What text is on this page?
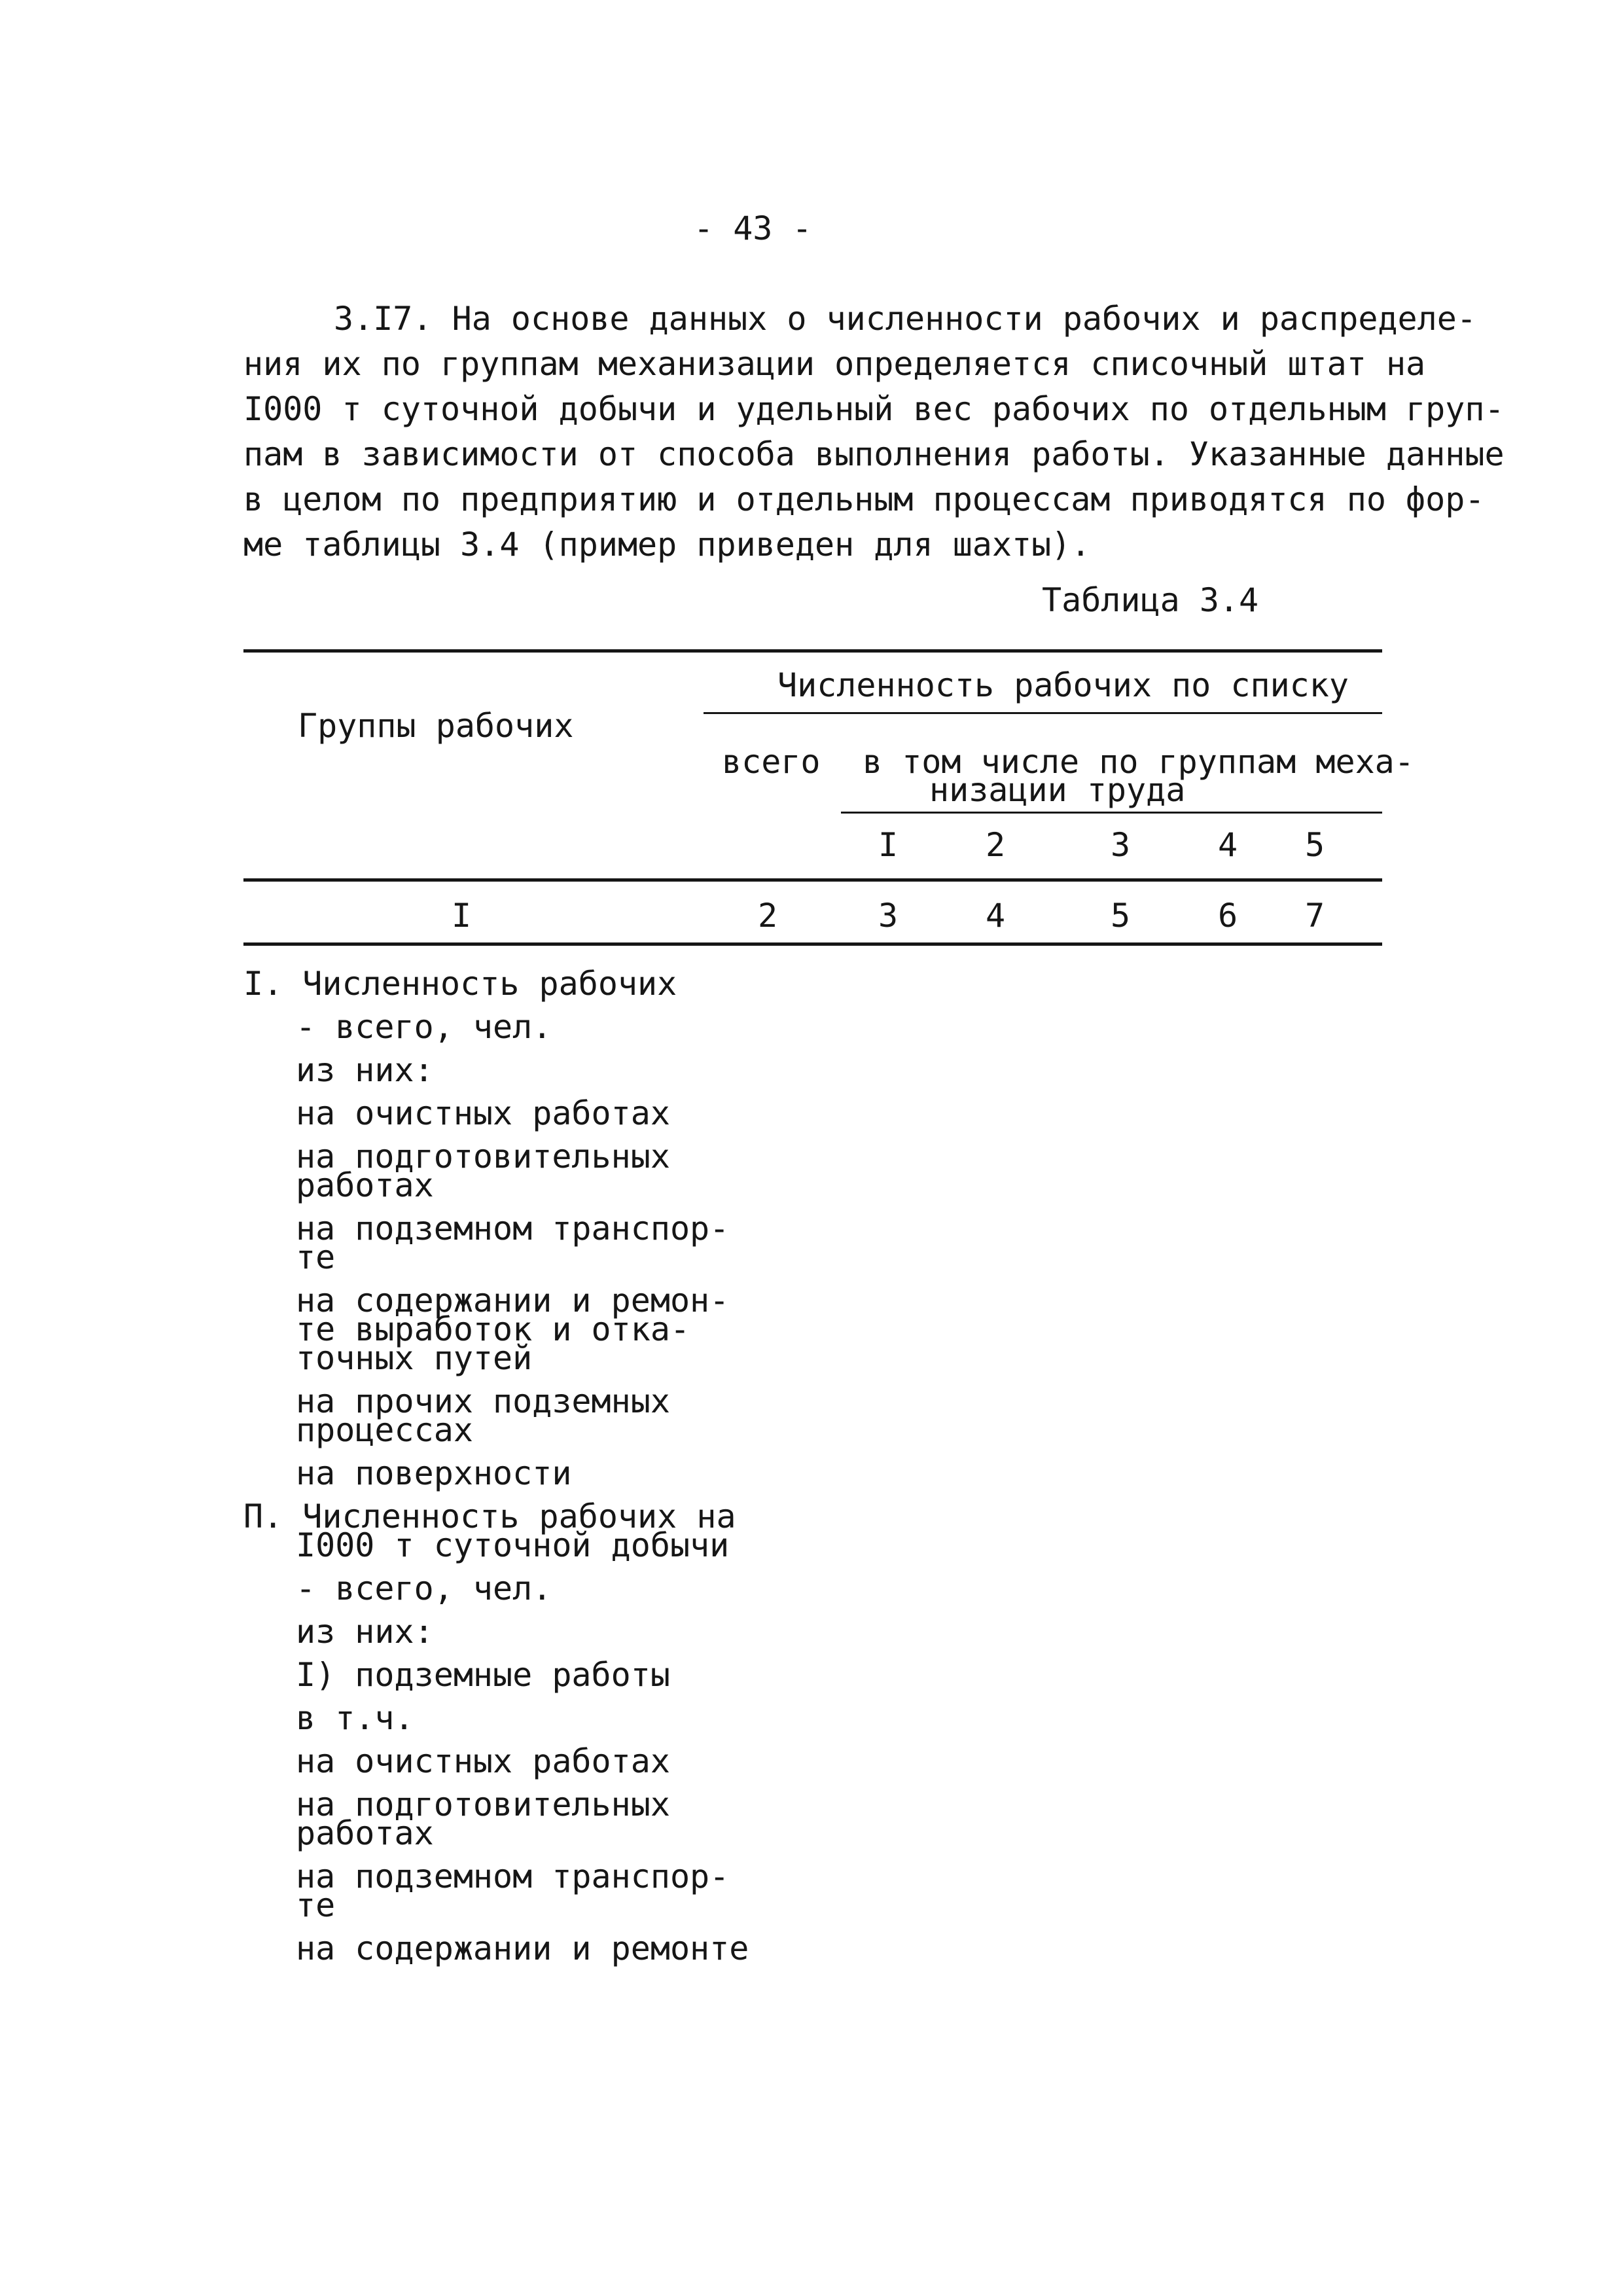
- 43 -
3.I7. На основе данных о численности рабочих и распределе-
ния их по группам механизации определяется списочный штат на
I000 т суточной добычи и удельный вес рабочих по отдельным груп-
пам в зависимости от способа выполнения работы. Указанные данные
в целом по предприятию и отдельным процессам приводятся по фор-
ме таблицы 3.4 (пример приведен для шахты).
Таблица 3.4
Численность рабочих по списку
Группы рабочих
всего в том числе по группам меха-
низации труда
I	2	3	4 5
I	2	3	4	5	6 7
I. Численность рабочих
- всего, чел.
из них:
на очистных работах
на подготовительных
работах
на подземном транспор-
те
на содержании и ремон-
те выработок и отка-
точных путей
на прочих подземных
процессах
на поверхности
П. Численность рабочих на
I000 т суточной добычи
- всего, чел.
из них:
I) подземные работы
в т.ч.
на очистных работах
на подготовительных
работах
на подземном транспор-
те
на содержании и ремонте
